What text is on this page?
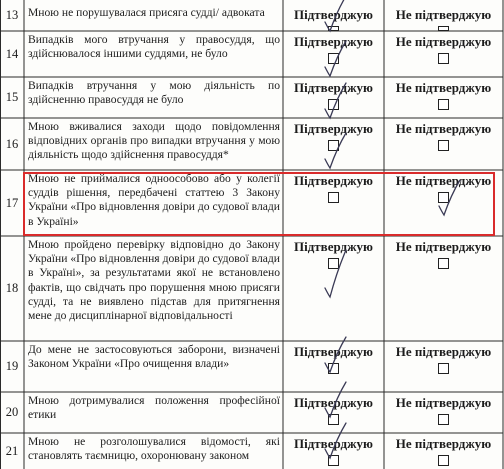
13 Мною не порушувалася присяга судді/ адвоката	Підтверджую Не підтверджую
14
Випадків мого втручання у правосуддя, що здійснювалося іншими суддями, не було
Підтверджую Не підтверджую
15
Випадків втручання у мою діяльність по здійсненню правосуддя не було
Підтверджую Не підтверджую
16
Мною вживалися заходи щодо повідомлення відповідних органів про випадки втручання у мою діяльність щодо здійснення правосуддя*
Підтверджую Не підтверджую
17
Мною не приймалися одноособово або у колегії суддів рішення, передбачені статтею 3 Закону України «Про відновлення довіри до судової влади в Україні»
Підтверджую Не підтверджую
18
Мною пройдено перевірку відповідно до Закону України «Про відновлення довіри до судової влади в Україні», за результатами якої не встановлено фактів, що свідчать про порушення мною присяги судді, та не виявлено підстав для притягнення мене до дисциплінарної відповідальності
Підтверджую Не підтверджую
19
До мене не застосовуються заборони, визначені Законом України «Про очищення влади»
Підтверджую Не підтверджую
20
Мною дотримувалися положення професійної етики
Підтверджую Не підтверджую
21
Мною не розголошувалися відомості, які становлять таємницю, охоронювану законом
Підтверджую Не підтверджую
